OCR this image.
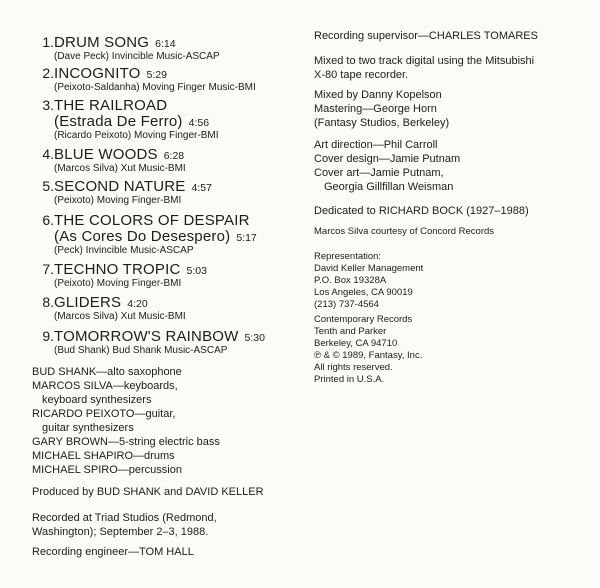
1. DRUM SONG 6:14
(Dave Peck) Invincible Music-ASCAP
2. INCOGNITO 5:29
(Peixoto-Saldanha) Moving Finger Music-BMI
3. THE RAILROAD
(Estrada De Ferro) 4:56
(Ricardo Peixoto) Moving Finger-BMI
4. BLUE WOODS 6:28
(Marcos Silva) Xut Music-BMI
5. SECOND NATURE 4:57
(Peixoto) Moving Finger-BMI
6. THE COLORS OF DESPAIR
(As Cores Do Desespero) 5:17
(Peck) Invincible Music-ASCAP
7. TECHNO TROPIC 5:03
(Peixoto) Moving Finger-BMI
8. GLIDERS 4:20
(Marcos Silva) Xut Music-BMI
9. TOMORROW'S RAINBOW 5:30
(Bud Shank) Bud Shank Music-ASCAP
BUD SHANK—alto saxophone
MARCOS SILVA—keyboards,
keyboard synthesizers
RICARDO PEIXOTO—guitar,
guitar synthesizers
GARY BROWN—5-string electric bass
MICHAEL SHAPIRO—drums
MICHAEL SPIRO—percussion
Produced by BUD SHANK and DAVID KELLER
Recorded at Triad Studios (Redmond,
Washington); September 2–3, 1988.
Recording engineer—TOM HALL
Recording supervisor—CHARLES TOMARES
Mixed to two track digital using the Mitsubishi
X-80 tape recorder.
Mixed by Danny Kopelson
Mastering—George Horn
(Fantasy Studios, Berkeley)
Art direction—Phil Carroll
Cover design—Jamie Putnam
Cover art—Jamie Putnam,
Georgia Gillfillan Weisman
Dedicated to RICHARD BOCK (1927–1988)
Marcos Silva courtesy of Concord Records
Representation:
David Keller Management
P.O. Box 19328A
Los Angeles, CA 90019
(213) 737-4564
Contemporary Records
Tenth and Parker
Berkeley, CA 94710
℗ & © 1989, Fantasy, Inc.
All rights reserved.
Printed in U.S.A.
